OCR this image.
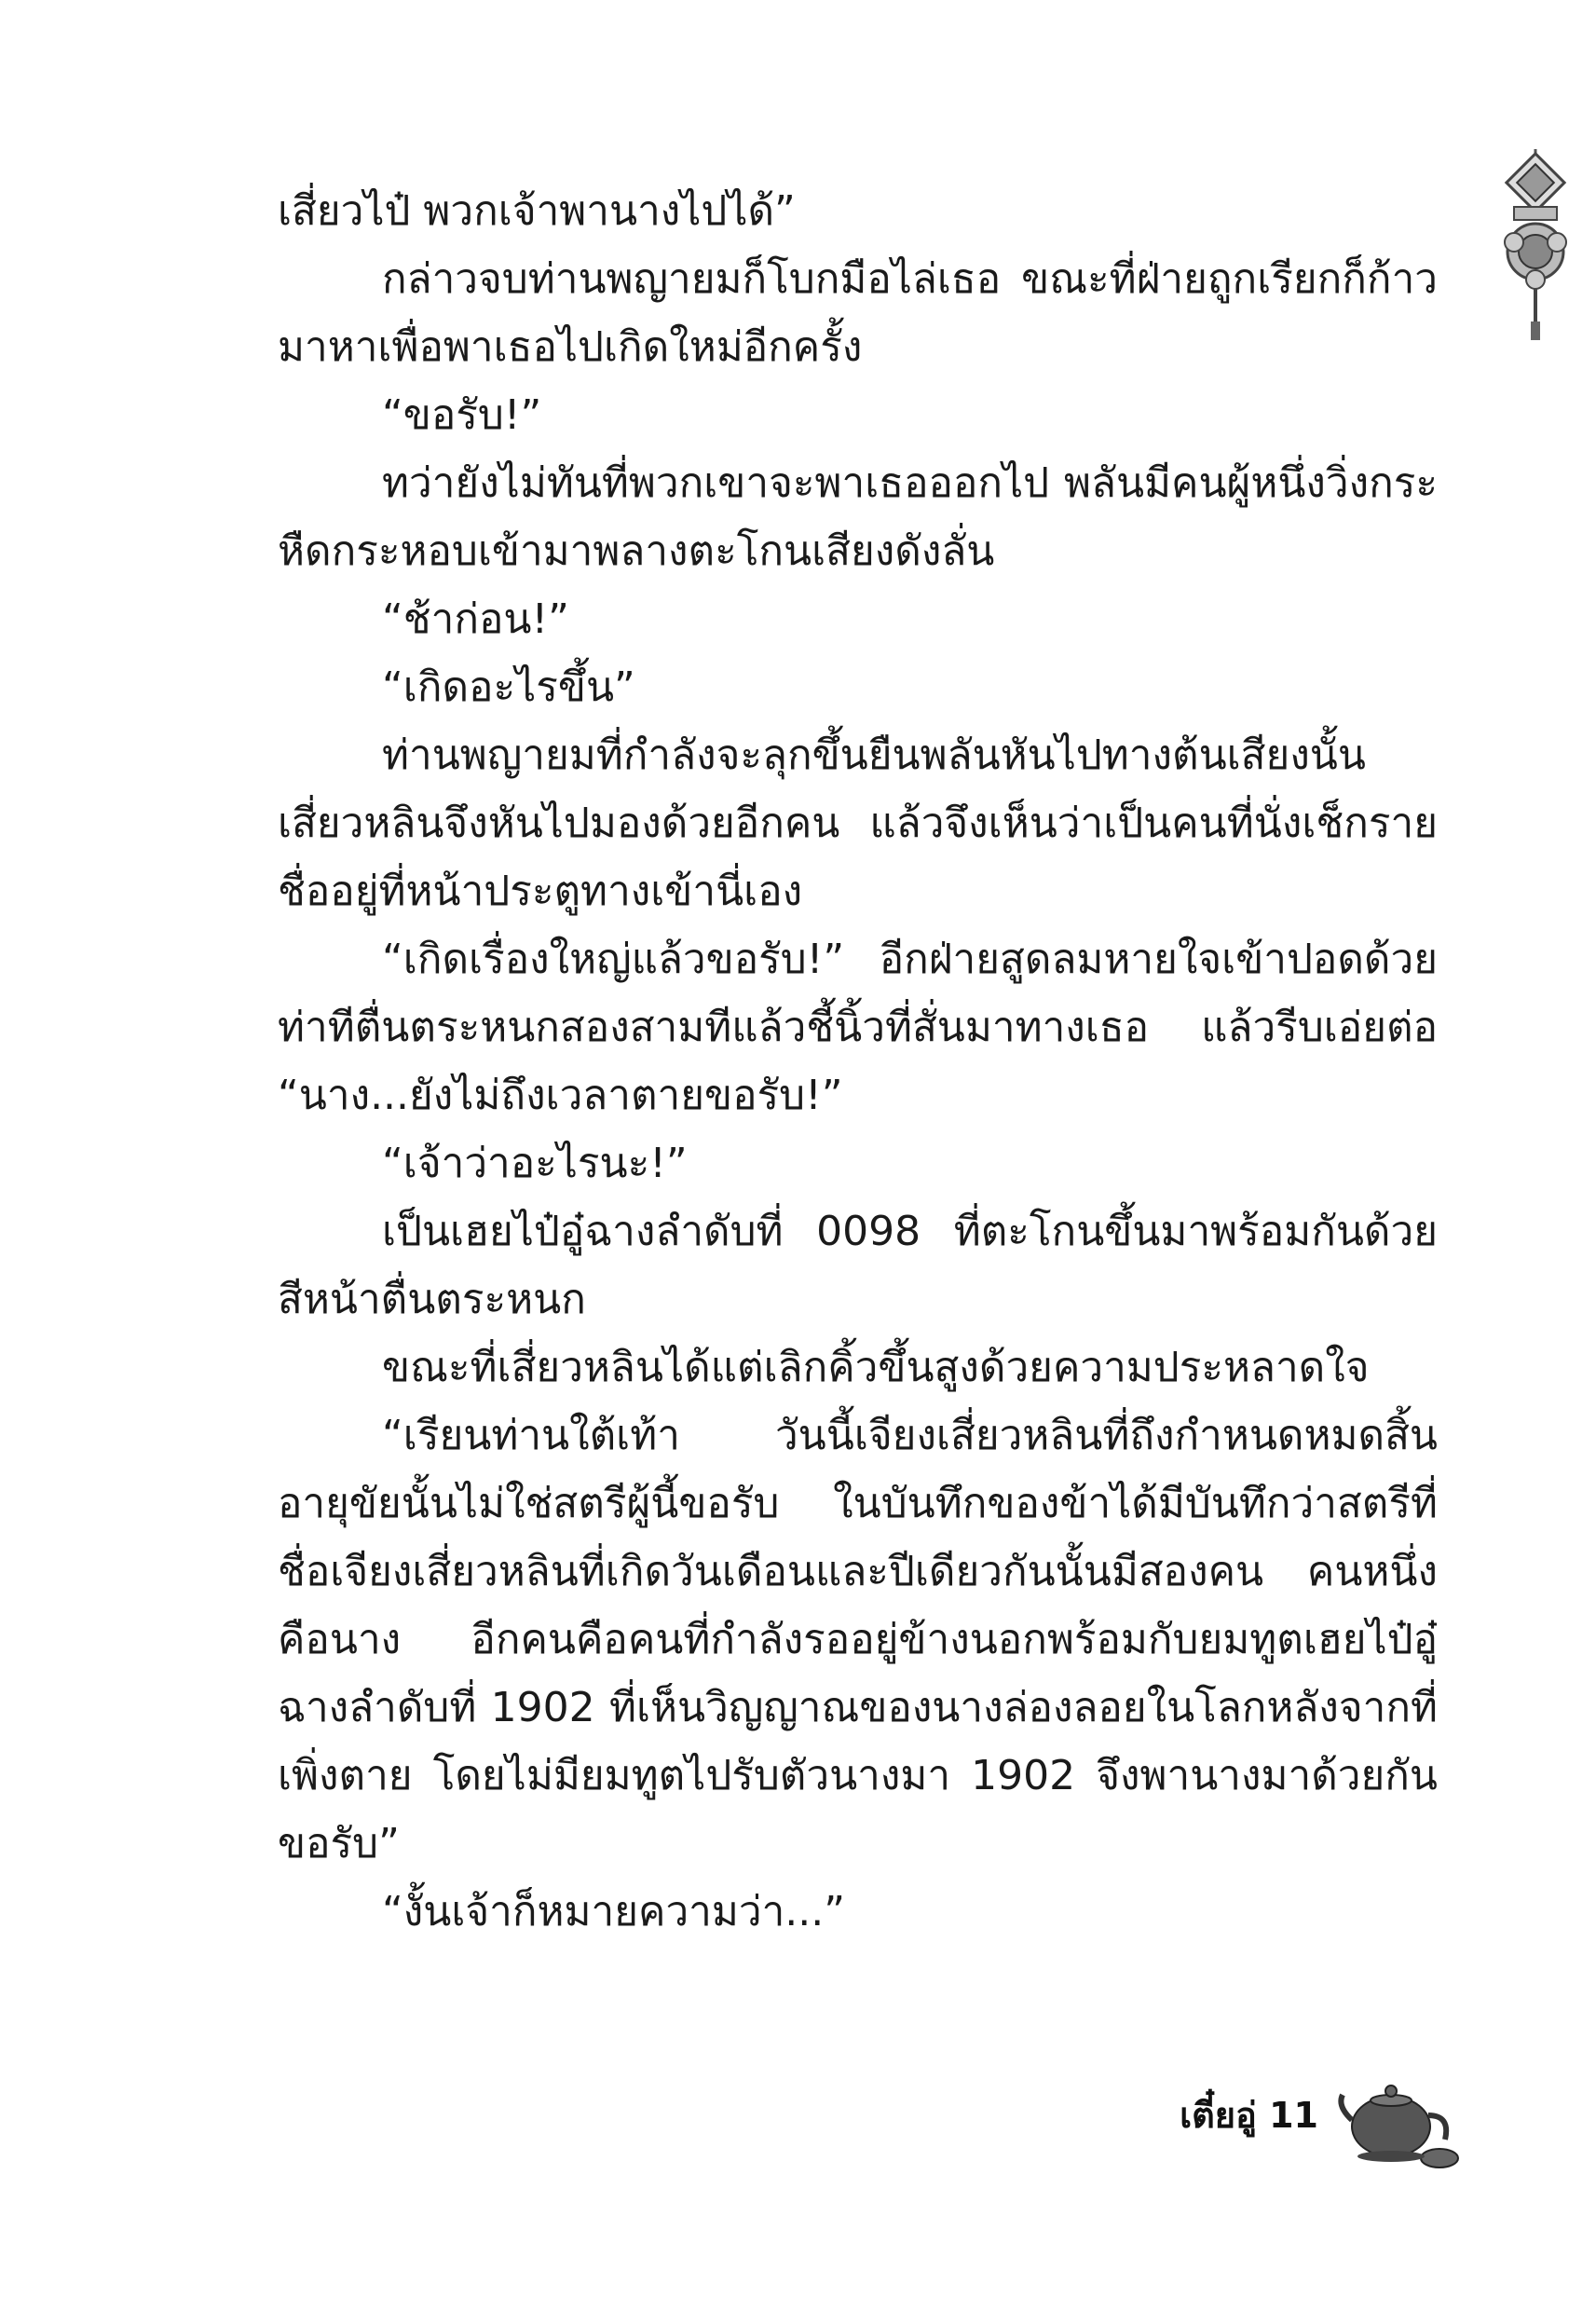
เสี่ยวไป๋ พวกเจ้าพานางไปได้”

กล่าวจบท่านพญายมก็โบกมือไล่เธอ ขณะที่ฝ่ายถูกเรียกก็ก้าวมาหาเพื่อพาเธอไปเกิดใหม่อีกครั้ง

“ขอรับ!”

ทว่ายังไม่ทันที่พวกเขาจะพาเธอออกไป พลันมีคนผู้หนึ่งวิ่งกระหืดกระหอบเข้ามาพลางตะโกนเสียงดังลั่น

“ช้าก่อน!”

“เกิดอะไรขึ้น”

ท่านพญายมที่กำลังจะลุกขึ้นยืนพลันหันไปทางต้นเสียงนั้น เสี่ยวหลินจึงหันไปมองด้วยอีกคน แล้วจึงเห็นว่าเป็นคนที่นั่งเช็กรายชื่ออยู่ที่หน้าประตูทางเข้านี่เอง

“เกิดเรื่องใหญ่แล้วขอรับ!” อีกฝ่ายสูดลมหายใจเข้าปอดด้วยท่าทีตื่นตระหนกสองสามทีแล้วชี้นิ้วที่สั่นมาทางเธอ แล้วรีบเอ่ยต่อ “นาง...ยังไม่ถึงเวลาตายขอรับ!”

“เจ้าว่าอะไรนะ!”

เป็นเฮยไป๋อู๋ฉางลำดับที่ 0098 ที่ตะโกนขึ้นมาพร้อมกันด้วยสีหน้าตื่นตระหนก

ขณะที่เสี่ยวหลินได้แต่เลิกคิ้วขึ้นสูงด้วยความประหลาดใจ

“เรียนท่านใต้เท้า วันนี้เจียงเสี่ยวหลินที่ถึงกำหนดหมดสิ้นอายุขัยนั้นไม่ใช่สตรีผู้นี้ขอรับ ในบันทึกของข้าได้มีบันทึกว่าสตรีที่ชื่อเจียงเสี่ยวหลินที่เกิดวันเดือนและปีเดียวกันนั้นมีสองคน คนหนึ่งคือนาง อีกคนคือคนที่กำลังรออยู่ข้างนอกพร้อมกับยมทูตเฮยไป๋อู๋ฉางลำดับที่ 1902 ที่เห็นวิญญาณของนางล่องลอยในโลกหลังจากที่เพิ่งตาย โดยไม่มียมทูตไปรับตัวนางมา 1902 จึงพานางมาด้วยกันขอรับ”

“งั้นเจ้าก็หมายความว่า...”

เตี๋ยอู่ 11
